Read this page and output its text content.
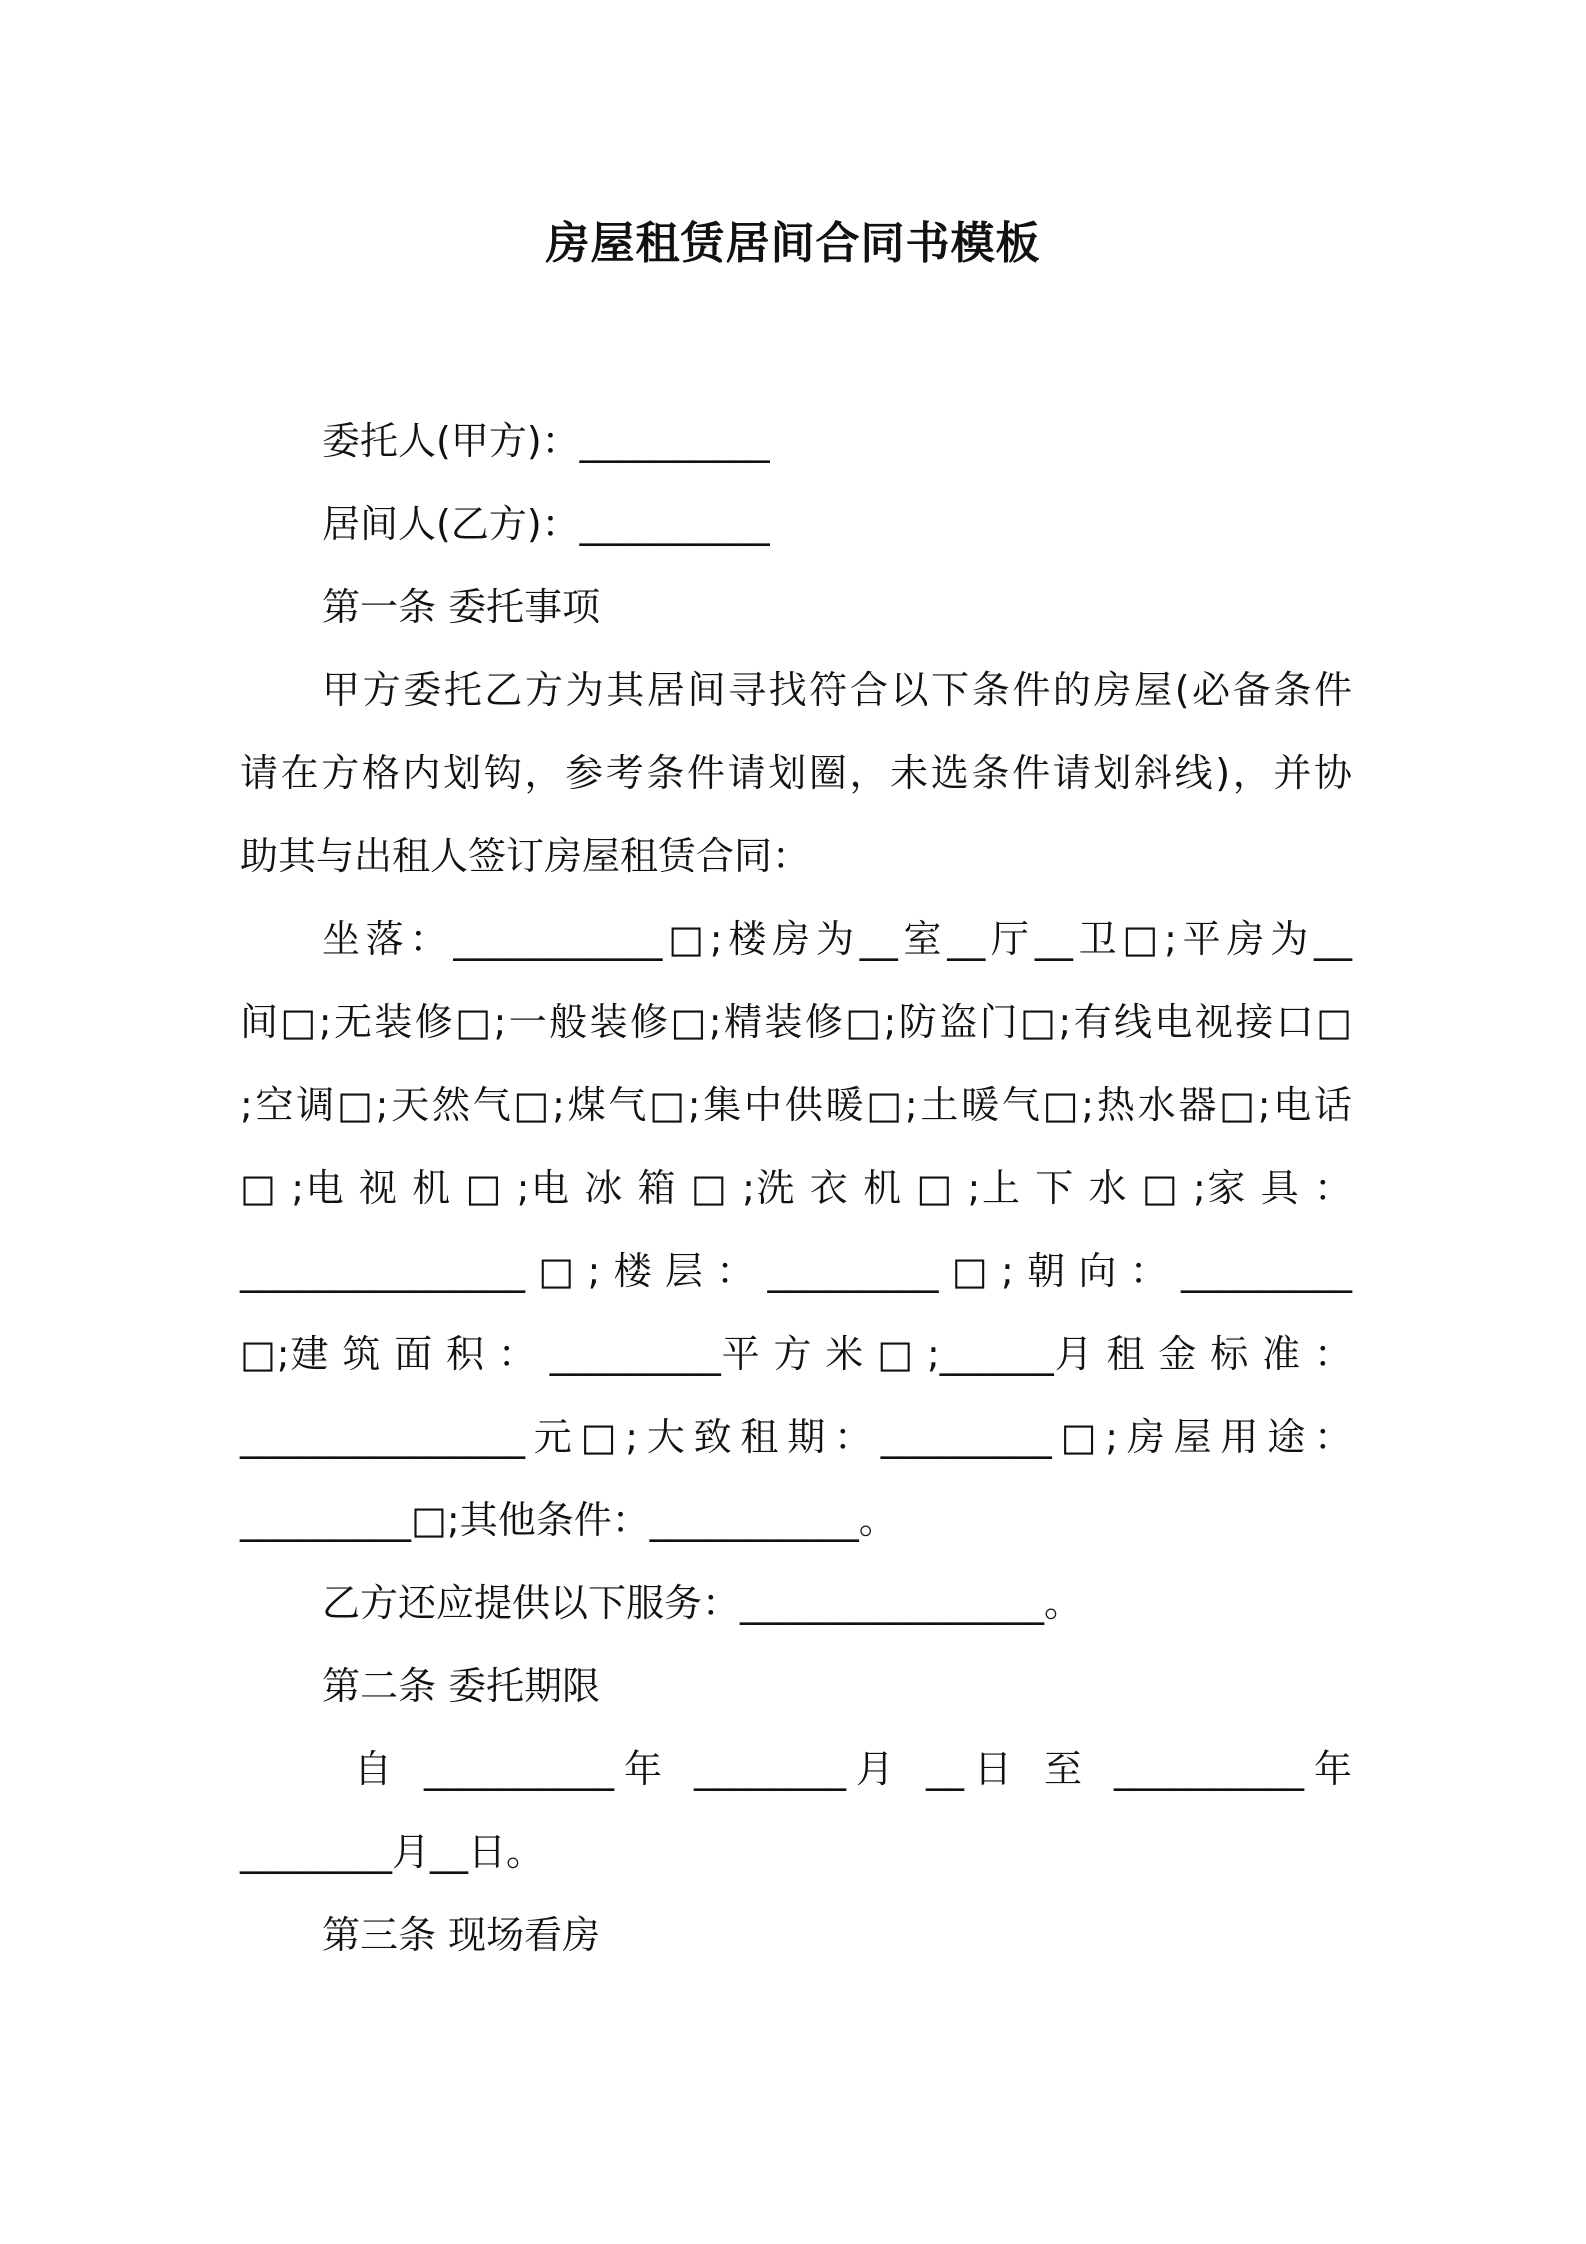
房屋租赁居间合同书模板

委托人(甲方)：__________

居间人(乙方)：__________

第一条 委托事项

甲方委托乙方为其居间寻找符合以下条件的房屋(必备条件

请在方格内划钩，参考条件请划圈，未选条件请划斜线)，并协

助其与出租人签订房屋租赁合同：

坐落：___________□;楼房为__室__厅__卫□;平房为__

间□;无装修□;一般装修□;精装修□;防盗门□;有线电视接口□

;空调□;天然气□;煤气□;集中供暖□;土暖气□;热水器□;电话

□ ;电 视 机 □ ;电 冰 箱 □ ;洗 衣 机 □ ;上 下 水 □ ;家 具 ：

_______________□;楼层：_________□;朝向：_________

□;建 筑 面 积 ： _________平 方 米 □ ;______月 租 金 标 准 ：

_______________元□;大致租期：_________□;房屋用途：

_________□;其他条件：___________。

乙方还应提供以下服务：________________。

第二条 委托期限

自 __________年 ________月 __日 至 __________年

________月__日。

第三条 现场看房
